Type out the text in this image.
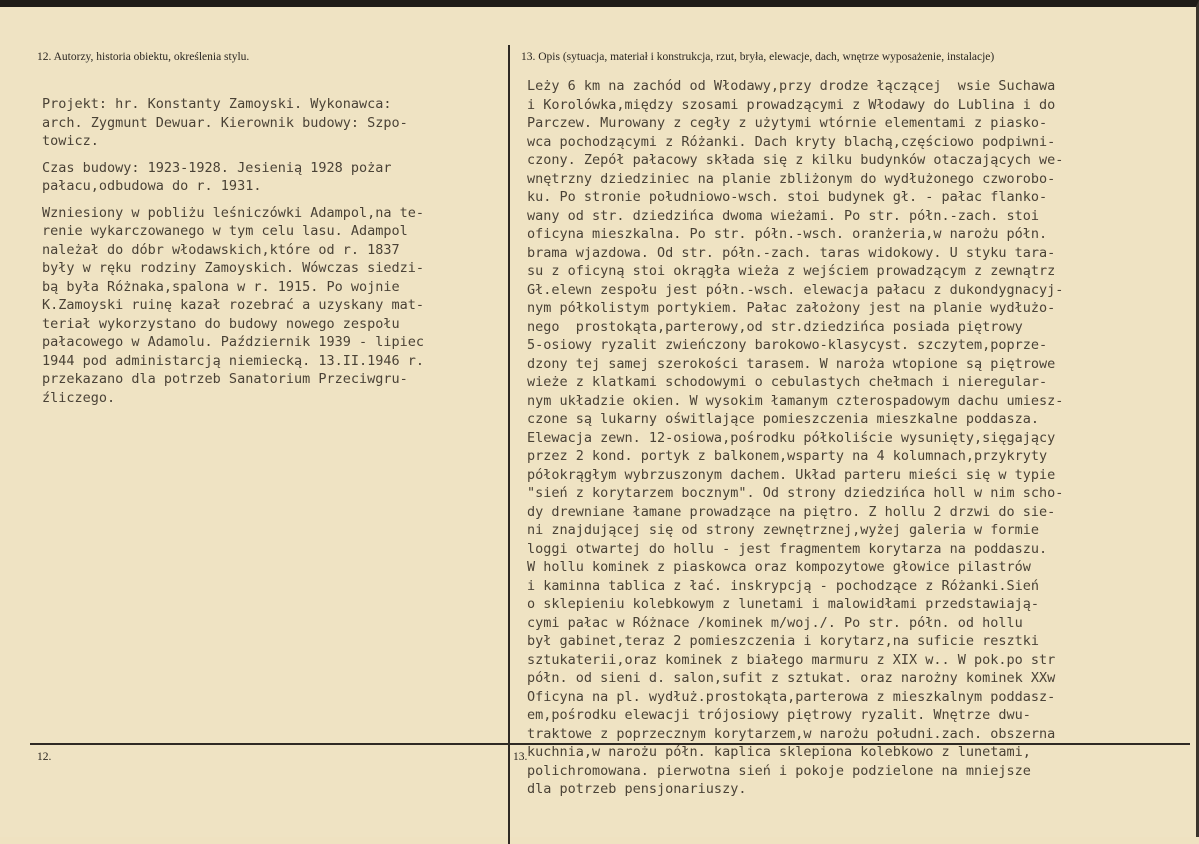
12. Autorzy, historia obiektu, określenia stylu.	13. Opis (sytuacja, materiał i konstrukcja, rzut, bryła, elewacje, dach, wnętrze wyposażenie, instalacje)
Projekt: hr. Konstanty Zamoyski. Wykonawca:
arch. Zygmunt Dewuar. Kierownik budowy: Szpo-
towicz.
Czas budowy: 1923-1928. Jesienią 1928 pożar
pałacu,odbudowa do r. 1931.
Wzniesiony w pobliżu leśniczówki Adampol,na te-
renie wykarczowanego w tym celu lasu. Adampol
należał do dóbr włodawskich,które od r. 1837
były w ręku rodziny Zamoyskich. Wówczas siedzi-
bą była Różnaka,spalona w r. 1915. Po wojnie
K.Zamoyski ruinę kazał rozebrać a uzyskany mat-
teriał wykorzystano do budowy nowego zespołu
pałacowego w Adamolu. Październik 1939 - lipiec
1944 pod administarcją niemiecką. 13.II.1946 r.
przekazano dla potrzeb Sanatorium Przeciwgru-
źliczego.
Leży 6 km na zachód od Włodawy,przy drodze łączącej  wsie Suchawa
i Korolówka,między szosami prowadzącymi z Włodawy do Lublina i do
Parczew. Murowany z cegły z użytymi wtórnie elementami z piasko-
wca pochodzącymi z Różanki. Dach kryty blachą,częściowo podpiwni-
czony. Zepół pałacowy składa się z kilku budynków otaczających we-
wnętrzny dziedziniec na planie zbliżonym do wydłużonego czworobo-
ku. Po stronie południowo-wsch. stoi budynek gł. - pałac flanko-
wany od str. dziedzińca dwoma wieżami. Po str. półn.-zach. stoi
oficyna mieszkalna. Po str. półn.-wsch. oranżeria,w narożu półn.
brama wjazdowa. Od str. półn.-zach. taras widokowy. U styku tara-
su z oficyną stoi okrągła wieża z wejściem prowadzącym z zewnątrz
Gł.elewn zespołu jest półn.-wsch. elewacja pałacu z dukondygnacyj-
nym półkolistym portykiem. Pałac założony jest na planie wydłużo-
nego  prostokąta,parterowy,od str.dziedzińca posiada piętrowy
5-osiowy ryzalit zwieńczony barokowo-klasycyst. szczytem,poprze-
dzony tej samej szerokości tarasem. W naroża wtopione są piętrowe
wieże z klatkami schodowymi o cebulastych chełmach i nieregular-
nym układzie okien. W wysokim łamanym czterospadowym dachu umiesz-
czone są lukarny oświtlające pomieszczenia mieszkalne poddasza.
Elewacja zewn. 12-osiowa,pośrodku półkoliście wysunięty,sięgający
przez 2 kond. portyk z balkonem,wsparty na 4 kolumnach,przykryty
półokrągłym wybrzuszonym dachem. Układ parteru mieści się w typie
"sień z korytarzem bocznym". Od strony dziedzińca holl w nim scho-
dy drewniane łamane prowadzące na piętro. Z hollu 2 drzwi do sie-
ni znajdującej się od strony zewnętrznej,wyżej galeria w formie
loggi otwartej do hollu - jest fragmentem korytarza na poddaszu.
W hollu kominek z piaskowca oraz kompozytowe głowice pilastrów
i kaminna tablica z łać. inskrypcją - pochodzące z Różanki.Sień
o sklepieniu kolebkowym z lunetami i malowidłami przedstawiają-
cymi pałac w Różnace /kominek m/woj./. Po str. półn. od hollu
był gabinet,teraz 2 pomieszczenia i korytarz,na suficie resztki
sztukaterii,oraz kominek z białego marmuru z XIX w.. W pok.po str
półn. od sieni d. salon,sufit z sztukat. oraz narożny kominek XXw
Oficyna na pl. wydłuż.prostokąta,parterowa z mieszkalnym poddasz-
em,pośrodku elewacji trójosiowy piętrowy ryzalit. Wnętrze dwu-
traktowe z poprzecznym korytarzem,w narożu południ.zach. obszerna
kuchnia,w narożu półn. kaplica sklepiona kolebkowo z lunetami,
polichromowana. pierwotna sień i pokoje podzielone na mniejsze
dla potrzeb pensjonariuszy.
12.	13.
